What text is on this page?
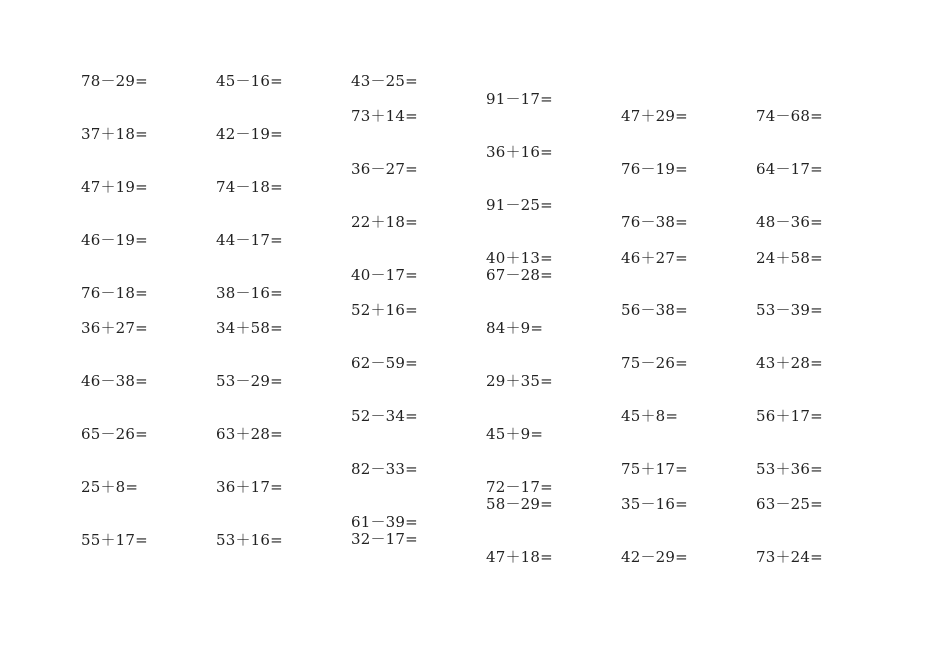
78－29=
37＋18=
47＋19=
46－19=
76－18=
36＋27=
46－38=
65－26=
25＋8=
55＋17=
45－16=
42－19=
74－18=
44－17=
38－16=
34＋58=
53－29=
63＋28=
36＋17=
53＋16=
43－25=
73＋14=
36－27=
22＋18=
40－17=
52＋16=
62－59=
52－34=
82－33=
61－39=
32－17=
91－17=
36＋16=
91－25=
40＋13=
67－28=
84＋9=
29＋35=
45＋9=
72－17=
58－29=
47＋18=
47＋29=
76－19=
76－38=
46＋27=
56－38=
75－26=
45＋8=
75＋17=
35－16=
42－29=
74－68=
64－17=
48－36=
24＋58=
53－39=
43＋28=
56＋17=
53＋36=
63－25=
73＋24=
